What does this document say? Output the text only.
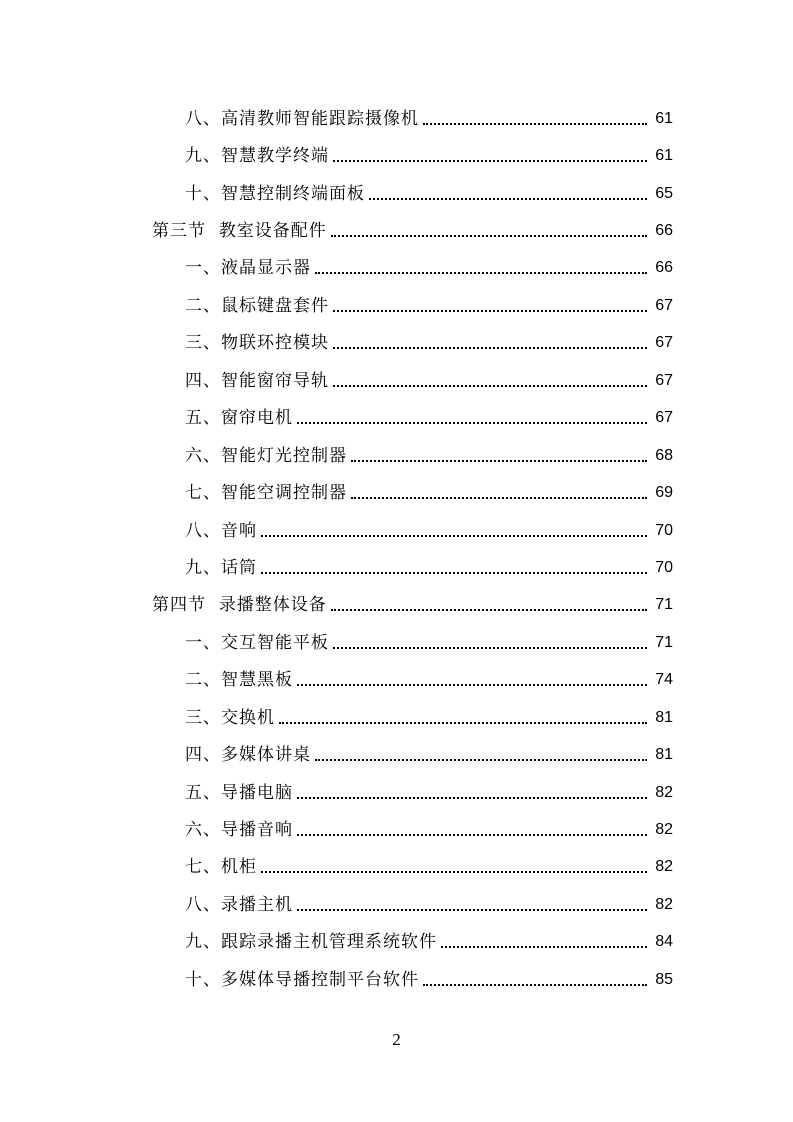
八、 高清教师智能跟踪摄像机	61
九、 智慧教学终端	61
十、 智慧控制终端面板	65
第三节 教室设备配件	66
一、 液晶显示器	66
二、 鼠标键盘套件	67
三、 物联环控模块	67
四、 智能窗帘导轨	67
五、 窗帘电机	67
六、 智能灯光控制器	68
七、 智能空调控制器	69
八、 音响	70
九、 话筒	70
第四节 录播整体设备	71
一、 交互智能平板	71
二、 智慧黑板	74
三、 交换机	81
四、 多媒体讲桌	81
五、 导播电脑	82
六、 导播音响	82
七、 机柜	82
八、 录播主机	82
九、 跟踪录播主机管理系统软件	84
十、 多媒体导播控制平台软件	85
2
